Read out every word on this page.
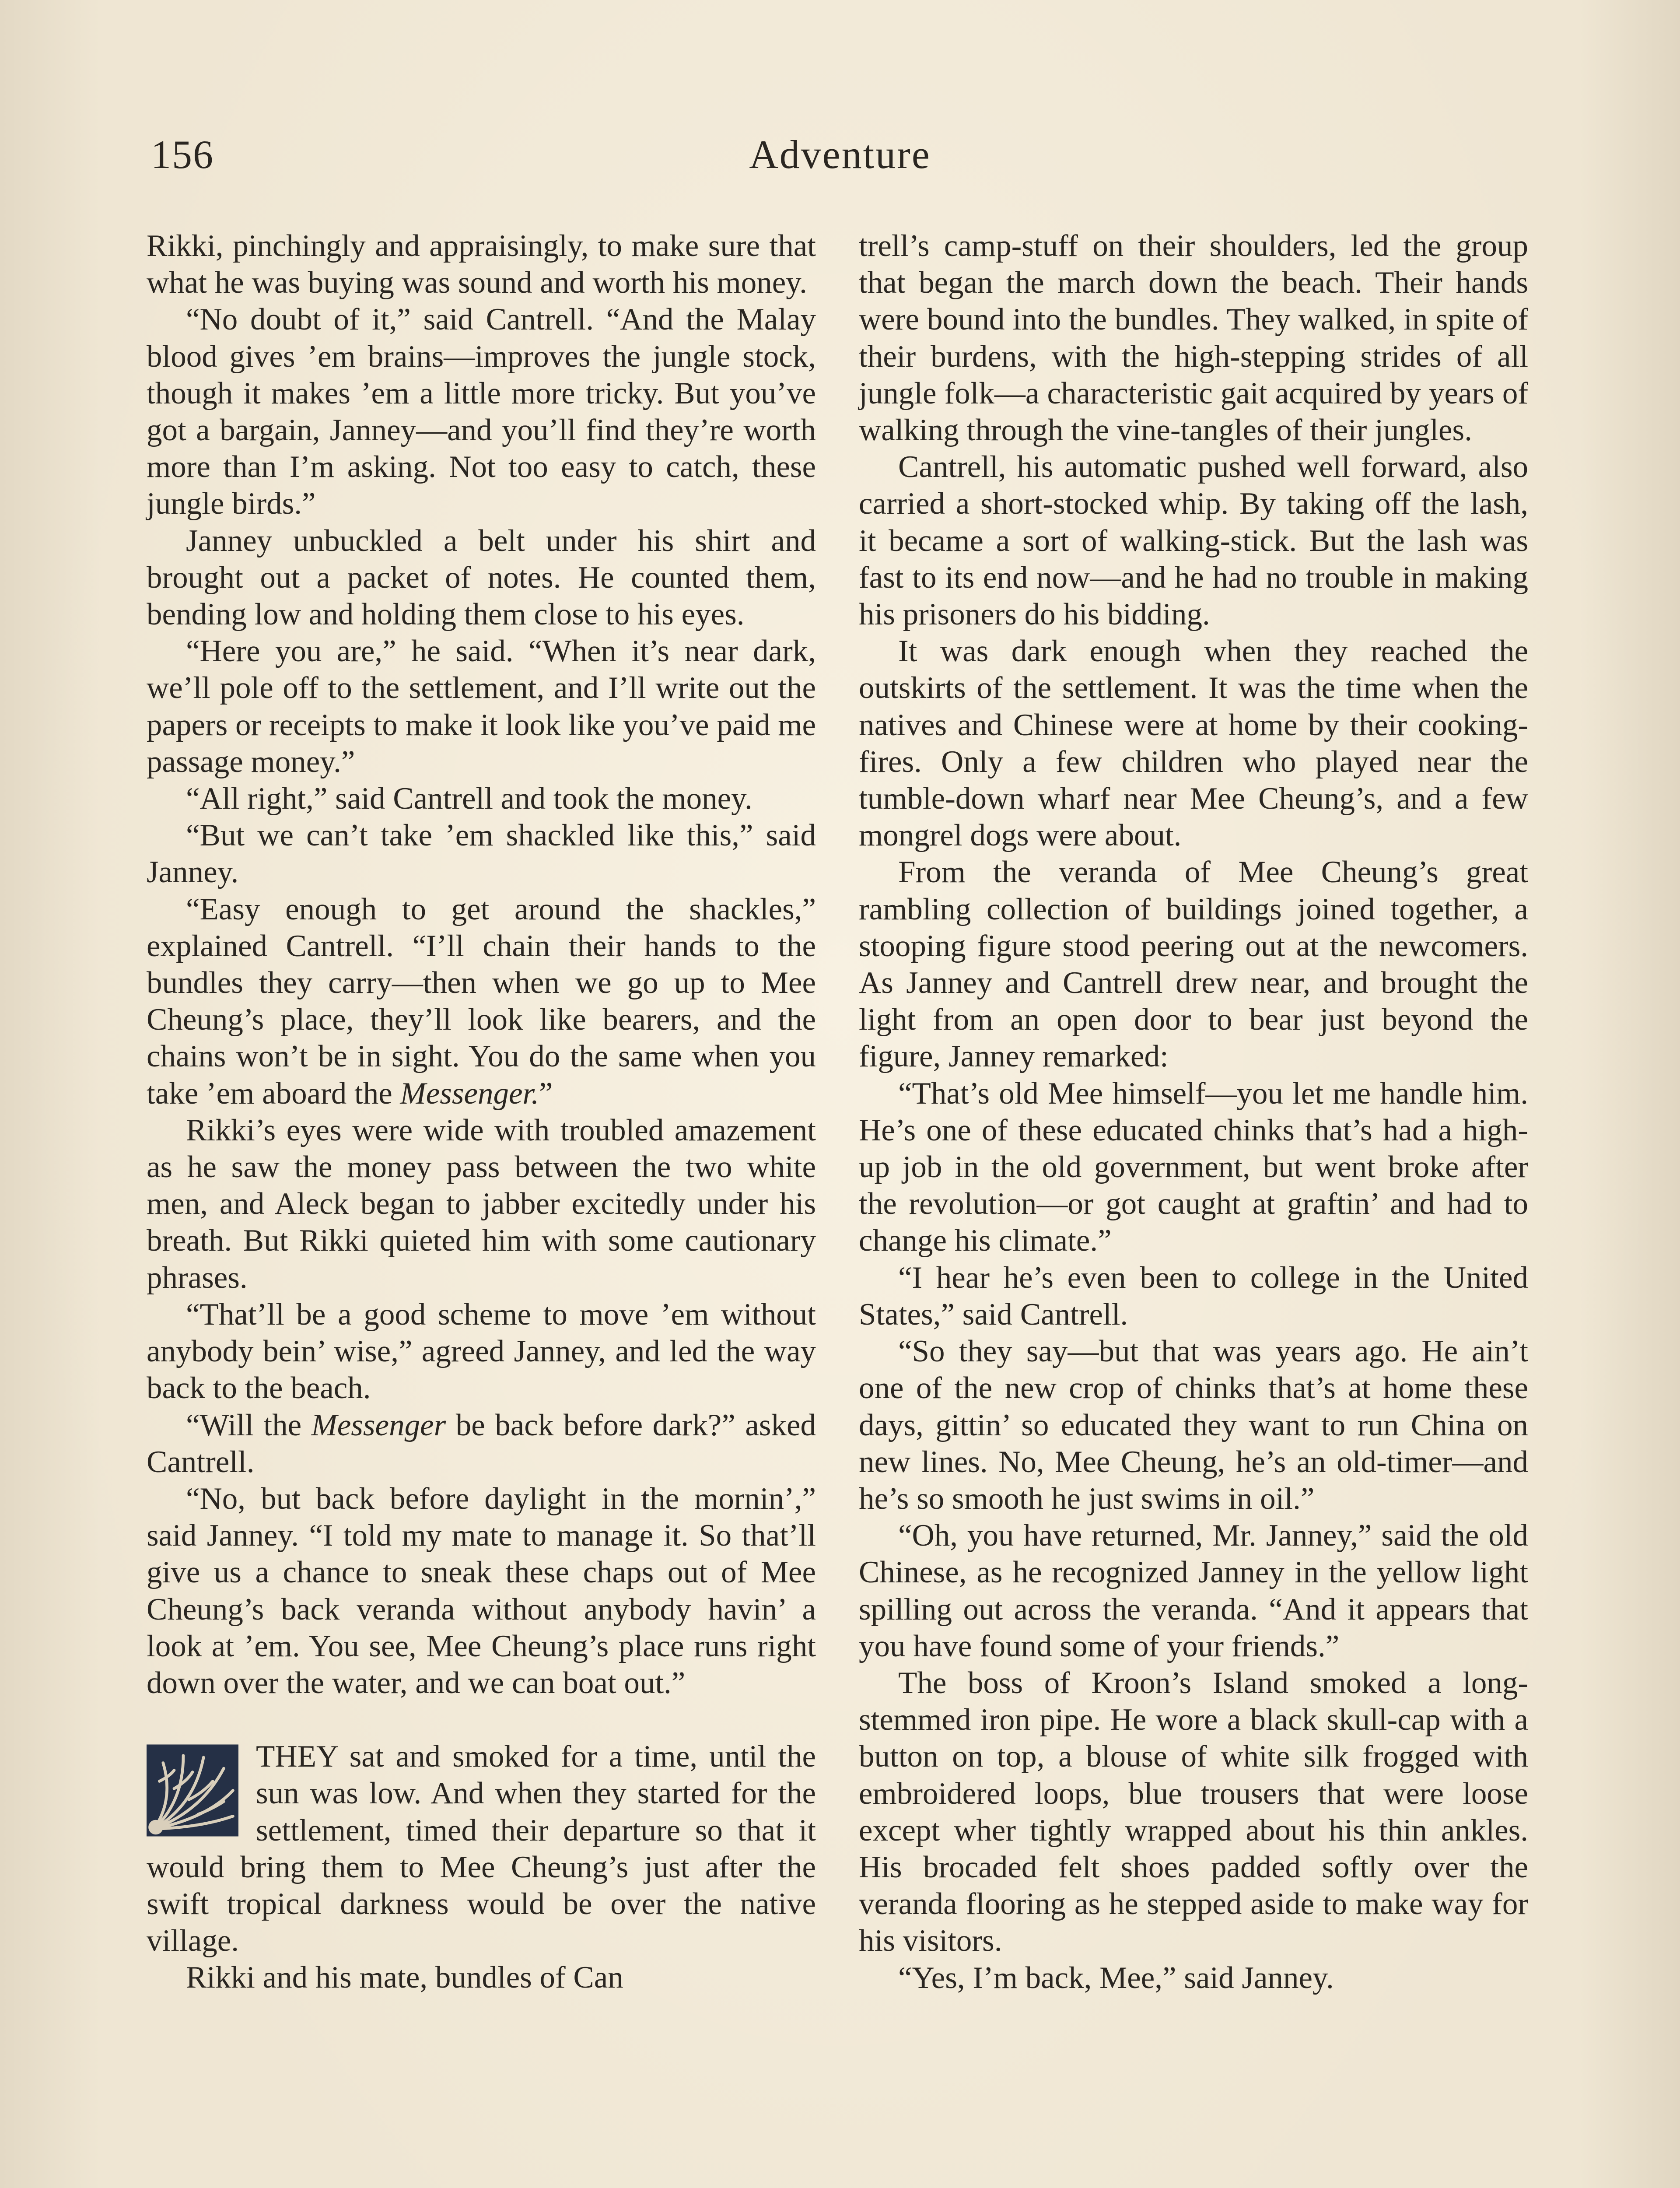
156	Adventure

Rikki, pinchingly and appraisingly, to make sure that what he was buying was sound and worth his money.

“No doubt of it,” said Cantrell. “And the Malay blood gives ’em brains—improves the jungle stock, though it makes ’em a little more tricky. But you’ve got a bargain, Janney—and you’ll find they’re worth more than I’m asking. Not too easy to catch, these jungle birds.”

Janney unbuckled a belt under his shirt and brought out a packet of notes. He counted them, bending low and holding them close to his eyes.

“Here you are,” he said. “When it’s near dark, we’ll pole off to the settlement, and I’ll write out the papers or receipts to make it look like you’ve paid me passage money.”

“All right,” said Cantrell and took the money.

“But we can’t take ’em shackled like this,” said Janney.

“Easy enough to get around the shackles,” explained Cantrell. “I’ll chain their hands to the bundles they carry—then when we go up to Mee Cheung’s place, they’ll look like bearers, and the chains won’t be in sight. You do the same when you take ’em aboard the Messenger.”

Rikki’s eyes were wide with troubled amazement as he saw the money pass between the two white men, and Aleck began to jabber excitedly under his breath. But Rikki quieted him with some cautionary phrases.

“That’ll be a good scheme to move ’em without anybody bein’ wise,” agreed Janney, and led the way back to the beach.

“Will the Messenger be back before dark?” asked Cantrell.

“No, but back before daylight in the mornin’,” said Janney. “I told my mate to manage it. So that’ll give us a chance to sneak these chaps out of Mee Cheung’s back veranda without anybody havin’ a look at ’em. You see, Mee Cheung’s place runs right down over the water, and we can boat out.”

THEY sat and smoked for a time, until the sun was low. And when they started for the settlement, timed their departure so that it would bring them to Mee Cheung’s just after the swift tropical darkness would be over the native village.

Rikki and his mate, bundles of Can

trell’s camp-stuff on their shoulders, led the group that began the march down the beach. Their hands were bound into the bundles. They walked, in spite of their burdens, with the high-stepping strides of all jungle folk—a characteristic gait acquired by years of walking through the vine-tangles of their jungles.

Cantrell, his automatic pushed well forward, also carried a short-stocked whip. By taking off the lash, it became a sort of walking-stick. But the lash was fast to its end now—and he had no trouble in making his prisoners do his bidding.

It was dark enough when they reached the outskirts of the settlement. It was the time when the natives and Chinese were at home by their cooking-fires. Only a few children who played near the tumble-down wharf near Mee Cheung’s, and a few mongrel dogs were about.

From the veranda of Mee Cheung’s great rambling collection of buildings joined together, a stooping figure stood peering out at the newcomers. As Janney and Cantrell drew near, and brought the light from an open door to bear just beyond the figure, Janney remarked:

“That’s old Mee himself—you let me handle him. He’s one of these educated chinks that’s had a high-up job in the old government, but went broke after the revolution—or got caught at graftin’ and had to change his climate.”

“I hear he’s even been to college in the United States,” said Cantrell.

“So they say—but that was years ago. He ain’t one of the new crop of chinks that’s at home these days, gittin’ so educated they want to run China on new lines. No, Mee Cheung, he’s an old-timer—and he’s so smooth he just swims in oil.”

“Oh, you have returned, Mr. Janney,” said the old Chinese, as he recognized Janney in the yellow light spilling out across the veranda. “And it appears that you have found some of your friends.”

The boss of Kroon’s Island smoked a long-stemmed iron pipe. He wore a black skull-cap with a button on top, a blouse of white silk frogged with embroidered loops, blue trousers that were loose except wher tightly wrapped about his thin ankles. His brocaded felt shoes padded softly over the veranda flooring as he stepped aside to make way for his visitors.

“Yes, I’m back, Mee,” said Janney.
